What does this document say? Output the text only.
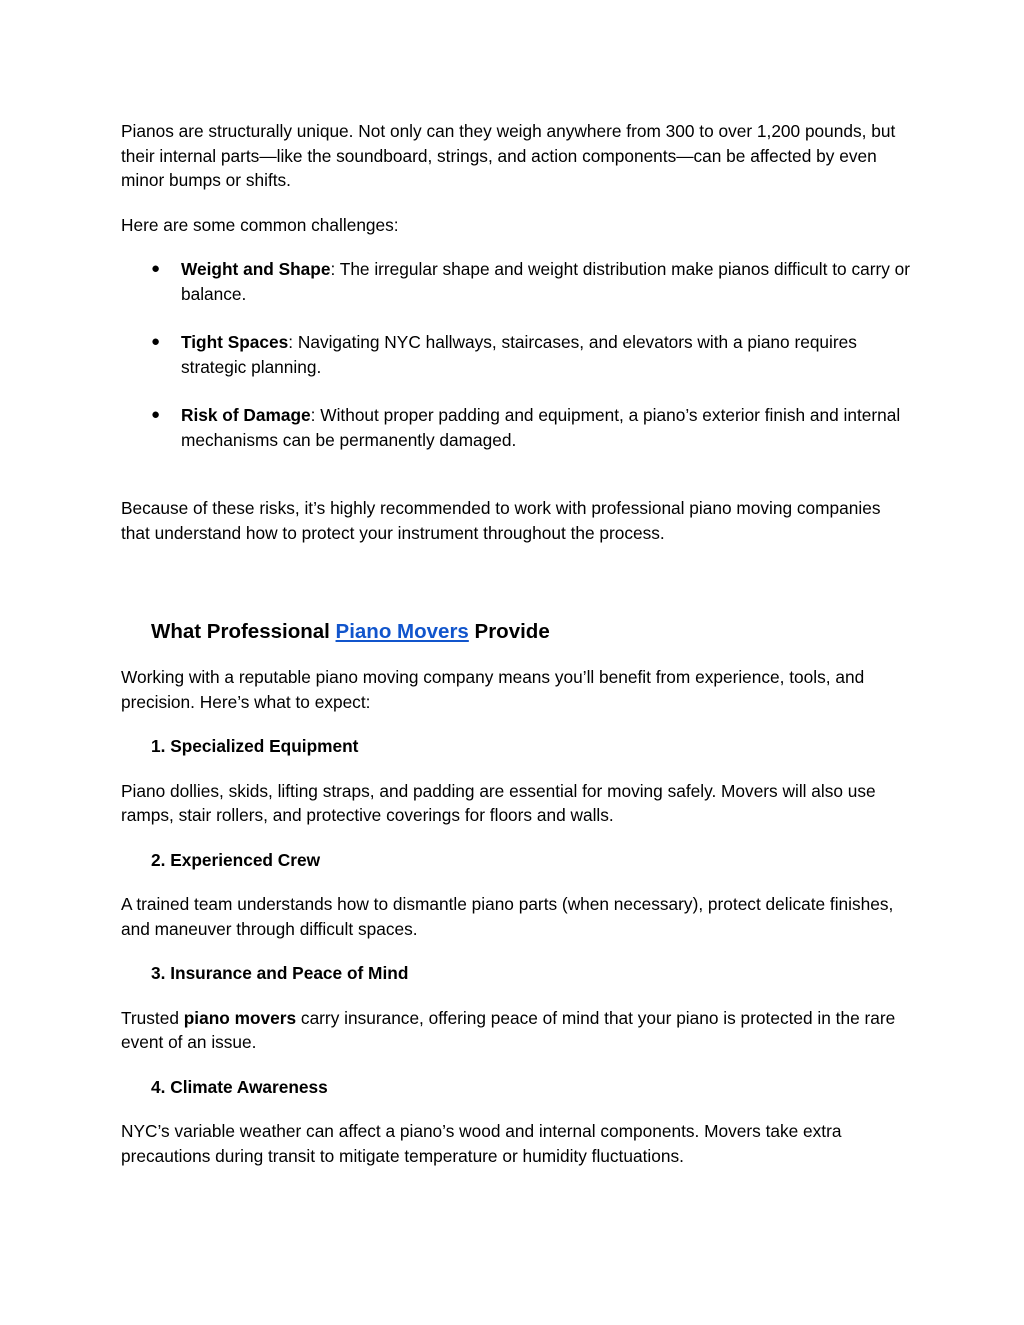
Pianos are structurally unique. Not only can they weigh anywhere from 300 to over 1,200 pounds, but their internal parts—like the soundboard, strings, and action components—can be affected by even minor bumps or shifts.

Here are some common challenges:

● Weight and Shape: The irregular shape and weight distribution make pianos difficult to carry or balance.
● Tight Spaces: Navigating NYC hallways, staircases, and elevators with a piano requires strategic planning.
● Risk of Damage: Without proper padding and equipment, a piano’s exterior finish and internal mechanisms can be permanently damaged.

Because of these risks, it’s highly recommended to work with professional piano moving companies that understand how to protect your instrument throughout the process.

What Professional Piano Movers Provide

Working with a reputable piano moving company means you’ll benefit from experience, tools, and precision. Here’s what to expect:

1. Specialized Equipment

Piano dollies, skids, lifting straps, and padding are essential for moving safely. Movers will also use ramps, stair rollers, and protective coverings for floors and walls.

2. Experienced Crew

A trained team understands how to dismantle piano parts (when necessary), protect delicate finishes, and maneuver through difficult spaces.

3. Insurance and Peace of Mind

Trusted piano movers carry insurance, offering peace of mind that your piano is protected in the rare event of an issue.

4. Climate Awareness

NYC’s variable weather can affect a piano’s wood and internal components. Movers take extra precautions during transit to mitigate temperature or humidity fluctuations.
